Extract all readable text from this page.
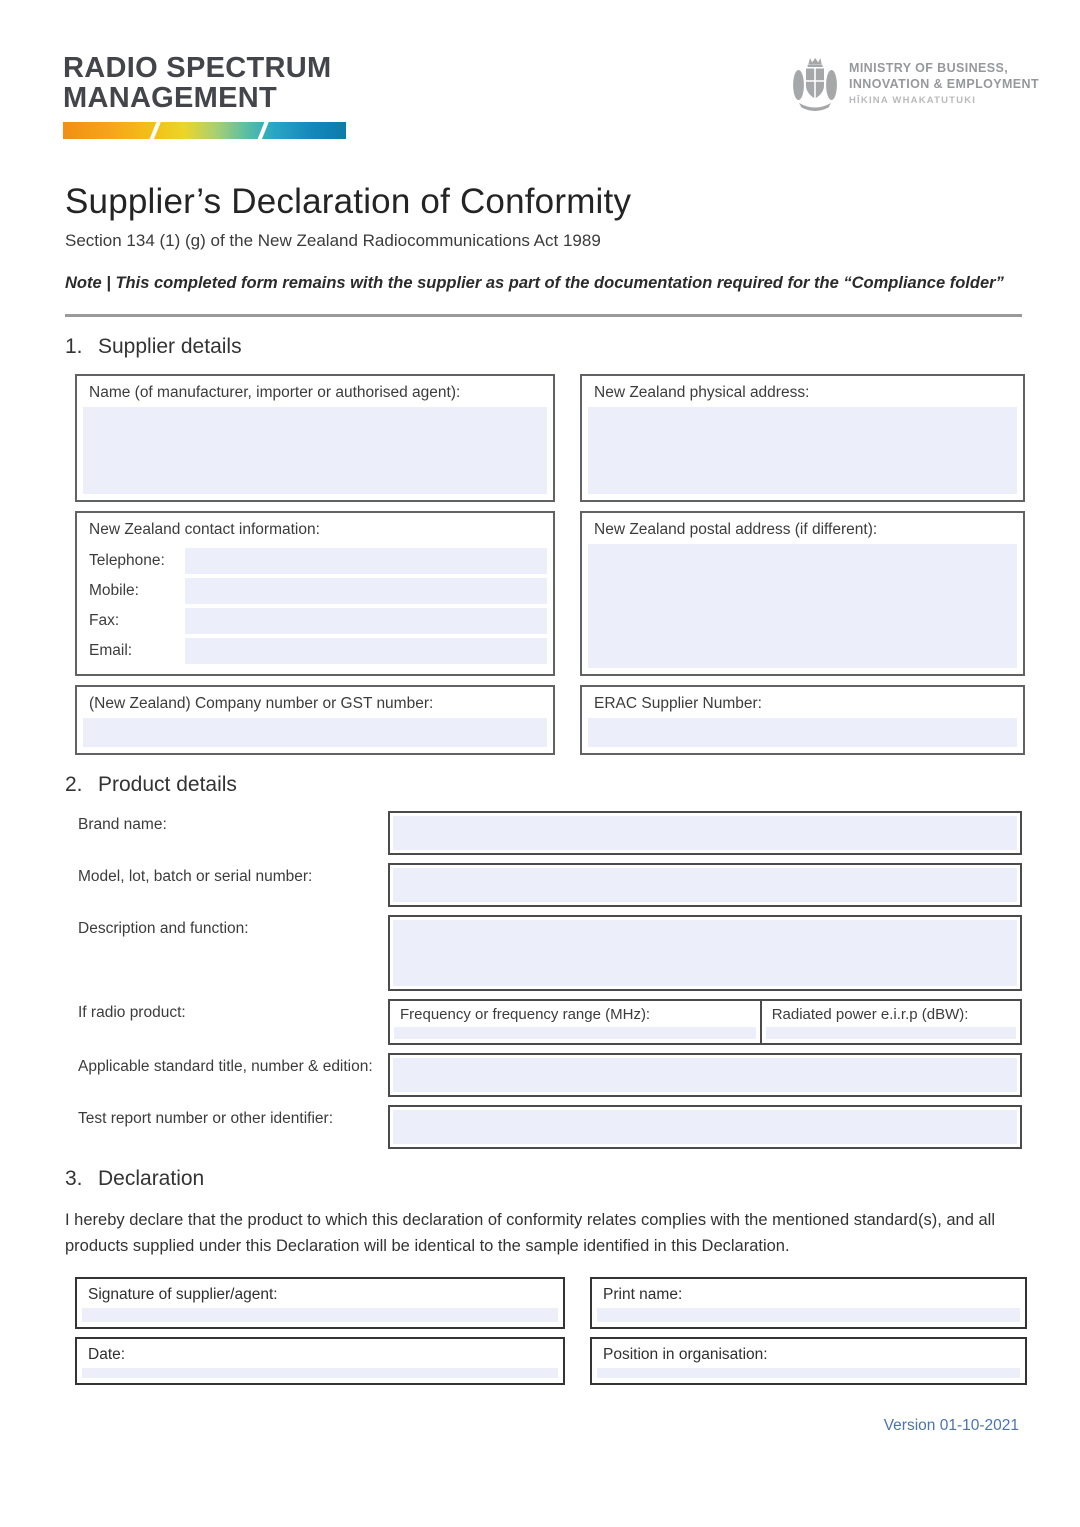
RADIO SPECTRUM
MANAGEMENT
MINISTRY OF BUSINESS,
INNOVATION & EMPLOYMENT
HĪKINA WHAKATUTUKI
Supplier’s Declaration of Conformity
Section 134 (1) (g) of the New Zealand Radiocommunications Act 1989
Note | This completed form remains with the supplier as part of the documentation required for the “Compliance folder”
1. Supplier details
Name (of manufacturer, importer or authorised agent):	New Zealand physical address:
New Zealand contact information:
Telephone:
Mobile:
Fax:
Email:
New Zealand postal address (if different):
(New Zealand) Company number or GST number:	ERAC Supplier Number:
2. Product details
Brand name:
Model, lot, batch or serial number:
Description and function:
If radio product:	Frequency or frequency range (MHz):	Radiated power e.i.r.p (dBW):
Applicable standard title, number & edition:
Test report number or other identifier:
3. Declaration

I hereby declare that the product to which this declaration of conformity relates complies with the mentioned standard(s), and all products supplied under this Declaration will be identical to the sample identified in this Declaration.

Signature of supplier/agent:	Print name:
Date:	Position in organisation:
Version 01-10-2021
